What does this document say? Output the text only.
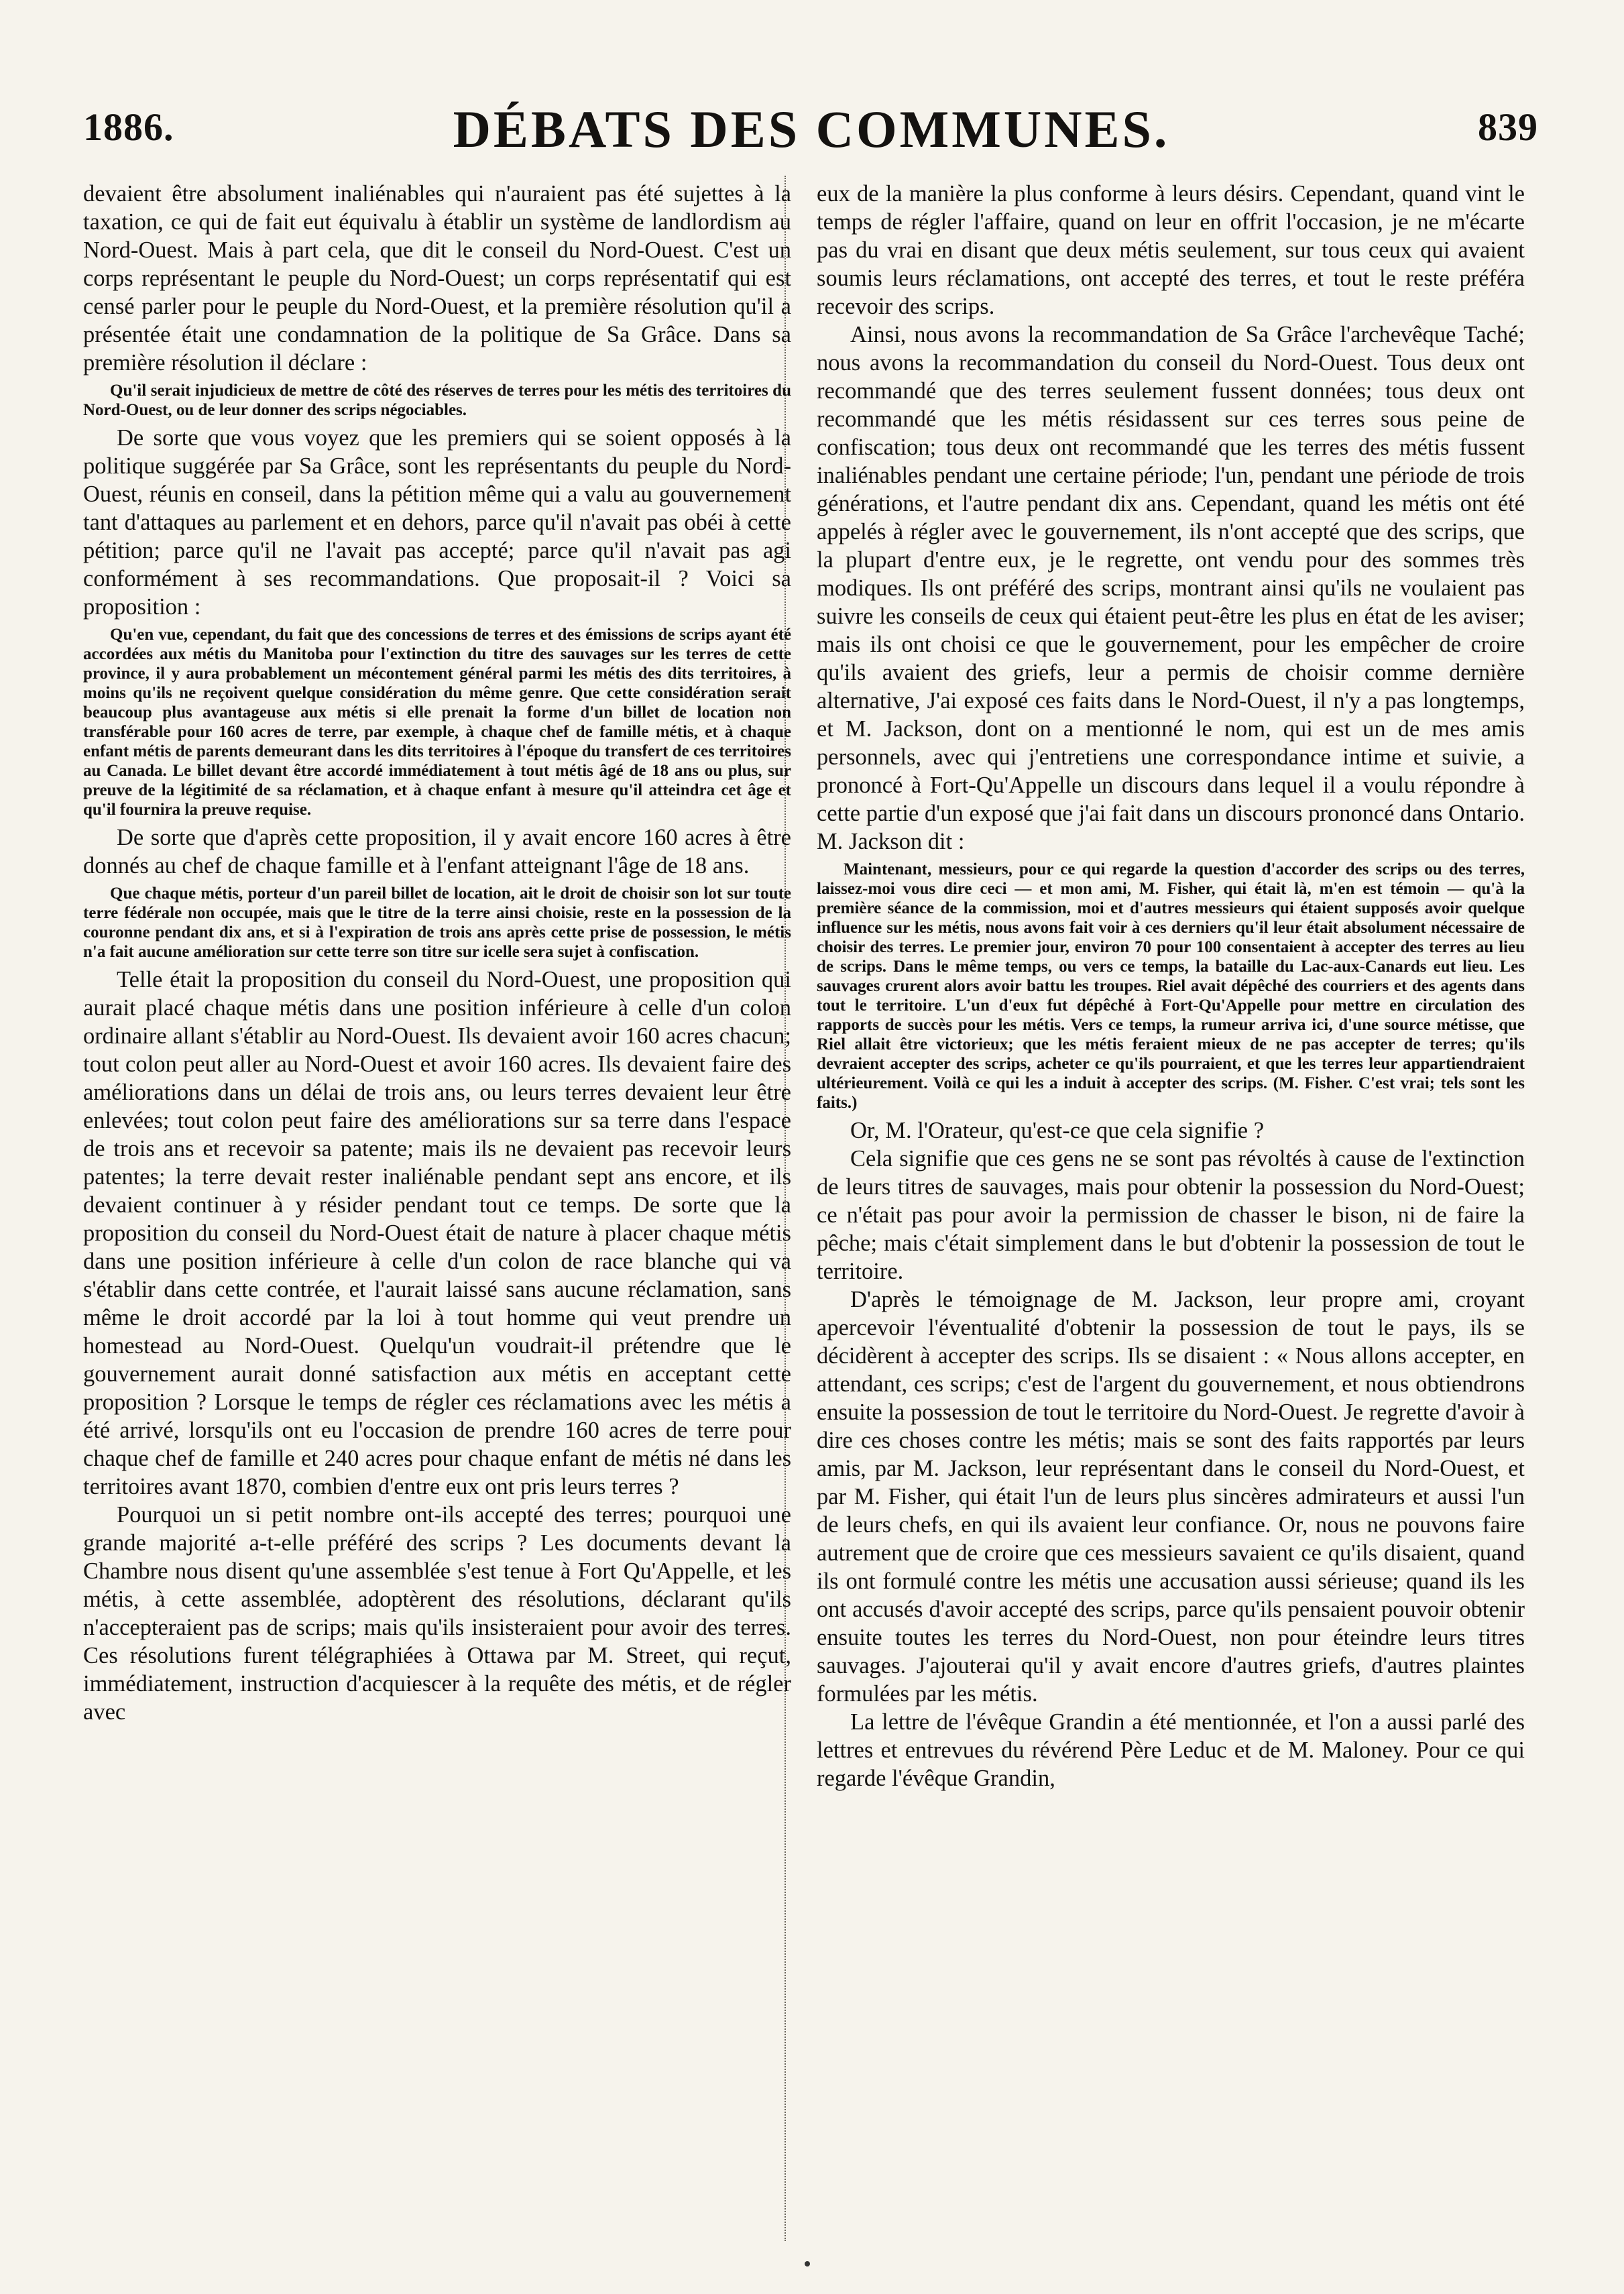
1886.	DÉBATS DES COMMUNES.	839

devaient être absolument inaliénables qui n'auraient pas été sujettes à la taxation, ce qui de fait eut équivalu à établir un système de landlordism au Nord-Ouest. Mais à part cela, que dit le conseil du Nord-Ouest. C'est un corps représentant le peuple du Nord-Ouest; un corps représentatif qui est censé parler pour le peuple du Nord-Ouest, et la première résolution qu'il a présentée était une condamnation de la politique de Sa Grâce. Dans sa première résolution il déclare :

Qu'il serait injudicieux de mettre de côté des réserves de terres pour les métis des territoires du Nord-Ouest, ou de leur donner des scrips négociables.

De sorte que vous voyez que les premiers qui se soient opposés à la politique suggérée par Sa Grâce, sont les représentants du peuple du Nord-Ouest, réunis en conseil, dans la pétition même qui a valu au gouvernement tant d'attaques au parlement et en dehors, parce qu'il n'avait pas obéi à cette pétition; parce qu'il ne l'avait pas accepté; parce qu'il n'avait pas agi conformément à ses recommandations. Que proposait-il ? Voici sa proposition :

Qu'en vue, cependant, du fait que des concessions de terres et des émissions de scrips ayant été accordées aux métis du Manitoba pour l'extinction du titre des sauvages sur les terres de cette province, il y aura probablement un mécontement général parmi les métis des dits territoires, à moins qu'ils ne reçoivent quelque considération du même genre. Que cette considération serait beaucoup plus avantageuse aux métis si elle prenait la forme d'un billet de location non transférable pour 160 acres de terre, par exemple, à chaque chef de famille métis, et à chaque enfant métis de parents demeurant dans les dits territoires à l'époque du transfert de ces territoires au Canada. Le billet devant être accordé immédiatement à tout métis âgé de 18 ans ou plus, sur preuve de la légitimité de sa réclamation, et à chaque enfant à mesure qu'il atteindra cet âge et qu'il fournira la preuve requise.

De sorte que d'après cette proposition, il y avait encore 160 acres à être donnés au chef de chaque famille et à l'enfant atteignant l'âge de 18 ans.

Que chaque métis, porteur d'un pareil billet de location, ait le droit de choisir son lot sur toute terre fédérale non occupée, mais que le titre de la terre ainsi choisie, reste en la possession de la couronne pendant dix ans, et si à l'expiration de trois ans après cette prise de possession, le métis n'a fait aucune amélioration sur cette terre son titre sur icelle sera sujet à confiscation.

Telle était la proposition du conseil du Nord-Ouest, une proposition qui aurait placé chaque métis dans une position inférieure à celle d'un colon ordinaire allant s'établir au Nord-Ouest. Ils devaient avoir 160 acres chacun; tout colon peut aller au Nord-Ouest et avoir 160 acres. Ils devaient faire des améliorations dans un délai de trois ans, ou leurs terres devaient leur être enlevées; tout colon peut faire des améliorations sur sa terre dans l'espace de trois ans et recevoir sa patente; mais ils ne devaient pas recevoir leurs patentes; la terre devait rester inaliénable pendant sept ans encore, et ils devaient continuer à y résider pendant tout ce temps. De sorte que la proposition du conseil du Nord-Ouest était de nature à placer chaque métis dans une position inférieure à celle d'un colon de race blanche qui va s'établir dans cette contrée, et l'aurait laissé sans aucune réclamation, sans même le droit accordé par la loi à tout homme qui veut prendre un homestead au Nord-Ouest. Quelqu'un voudrait-il prétendre que le gouvernement aurait donné satisfaction aux métis en acceptant cette proposition ? Lorsque le temps de régler ces réclamations avec les métis a été arrivé, lorsqu'ils ont eu l'occasion de prendre 160 acres de terre pour chaque chef de famille et 240 acres pour chaque enfant de métis né dans les territoires avant 1870, combien d'entre eux ont pris leurs terres ?

Pourquoi un si petit nombre ont-ils accepté des terres; pourquoi une grande majorité a-t-elle préféré des scrips ? Les documents devant la Chambre nous disent qu'une assemblée s'est tenue à Fort Qu'Appelle, et les métis, à cette assemblée, adoptèrent des résolutions, déclarant qu'ils n'accepteraient pas de scrips; mais qu'ils insisteraient pour avoir des terres. Ces résolutions furent télégraphiées à Ottawa par M. Street, qui reçut, immédiatement, instruction d'acquiescer à la requête des métis, et de régler avec

eux de la manière la plus conforme à leurs désirs. Cependant, quand vint le temps de régler l'affaire, quand on leur en offrit l'occasion, je ne m'écarte pas du vrai en disant que deux métis seulement, sur tous ceux qui avaient soumis leurs réclamations, ont accepté des terres, et tout le reste préféra recevoir des scrips.

Ainsi, nous avons la recommandation de Sa Grâce l'archevêque Taché; nous avons la recommandation du conseil du Nord-Ouest. Tous deux ont recommandé que des terres seulement fussent données; tous deux ont recommandé que les métis résidassent sur ces terres sous peine de confiscation; tous deux ont recommandé que les terres des métis fussent inaliénables pendant une certaine période; l'un, pendant une période de trois générations, et l'autre pendant dix ans. Cependant, quand les métis ont été appelés à régler avec le gouvernement, ils n'ont accepté que des scrips, que la plupart d'entre eux, je le regrette, ont vendu pour des sommes très modiques. Ils ont préféré des scrips, montrant ainsi qu'ils ne voulaient pas suivre les conseils de ceux qui étaient peut-être les plus en état de les aviser; mais ils ont choisi ce que le gouvernement, pour les empêcher de croire qu'ils avaient des griefs, leur a permis de choisir comme dernière alternative, J'ai exposé ces faits dans le Nord-Ouest, il n'y a pas longtemps, et M. Jackson, dont on a mentionné le nom, qui est un de mes amis personnels, avec qui j'entretiens une correspondance intime et suivie, a prononcé à Fort-Qu'Appelle un discours dans lequel il a voulu répondre à cette partie d'un exposé que j'ai fait dans un discours prononcé dans Ontario. M. Jackson dit :

Maintenant, messieurs, pour ce qui regarde la question d'accorder des scrips ou des terres, laissez-moi vous dire ceci — et mon ami, M. Fisher, qui était là, m'en est témoin — qu'à la première séance de la commission, moi et d'autres messieurs qui étaient supposés avoir quelque influence sur les métis, nous avons fait voir à ces derniers qu'il leur était absolument nécessaire de choisir des terres. Le premier jour, environ 70 pour 100 consentaient à accepter des terres au lieu de scrips. Dans le même temps, ou vers ce temps, la bataille du Lac-aux-Canards eut lieu. Les sauvages crurent alors avoir battu les troupes. Riel avait dépêché des courriers et des agents dans tout le territoire. L'un d'eux fut dépêché à Fort-Qu'Appelle pour mettre en circulation des rapports de succès pour les métis. Vers ce temps, la rumeur arriva ici, d'une source métisse, que Riel allait être victorieux; que les métis feraient mieux de ne pas accepter de terres; qu'ils devraient accepter des scrips, acheter ce qu'ils pourraient, et que les terres leur appartiendraient ultérieurement. Voilà ce qui les a induit à accepter des scrips. (M. Fisher. C'est vrai; tels sont les faits.)

Or, M. l'Orateur, qu'est-ce que cela signifie ?

Cela signifie que ces gens ne se sont pas révoltés à cause de l'extinction de leurs titres de sauvages, mais pour obtenir la possession du Nord-Ouest; ce n'était pas pour avoir la permission de chasser le bison, ni de faire la pêche; mais c'était simplement dans le but d'obtenir la possession de tout le territoire.

D'après le témoignage de M. Jackson, leur propre ami, croyant apercevoir l'éventualité d'obtenir la possession de tout le pays, ils se décidèrent à accepter des scrips. Ils se disaient : « Nous allons accepter, en attendant, ces scrips; c'est de l'argent du gouvernement, et nous obtiendrons ensuite la possession de tout le territoire du Nord-Ouest. Je regrette d'avoir à dire ces choses contre les métis; mais se sont des faits rapportés par leurs amis, par M. Jackson, leur représentant dans le conseil du Nord-Ouest, et par M. Fisher, qui était l'un de leurs plus sincères admirateurs et aussi l'un de leurs chefs, en qui ils avaient leur confiance. Or, nous ne pouvons faire autrement que de croire que ces messieurs savaient ce qu'ils disaient, quand ils ont formulé contre les métis une accusation aussi sérieuse; quand ils les ont accusés d'avoir accepté des scrips, parce qu'ils pensaient pouvoir obtenir ensuite toutes les terres du Nord-Ouest, non pour éteindre leurs titres sauvages. J'ajouterai qu'il y avait encore d'autres griefs, d'autres plaintes formulées par les métis.

La lettre de l'évêque Grandin a été mentionnée, et l'on a aussi parlé des lettres et entrevues du révérend Père Leduc et de M. Maloney. Pour ce qui regarde l'évêque Grandin,
